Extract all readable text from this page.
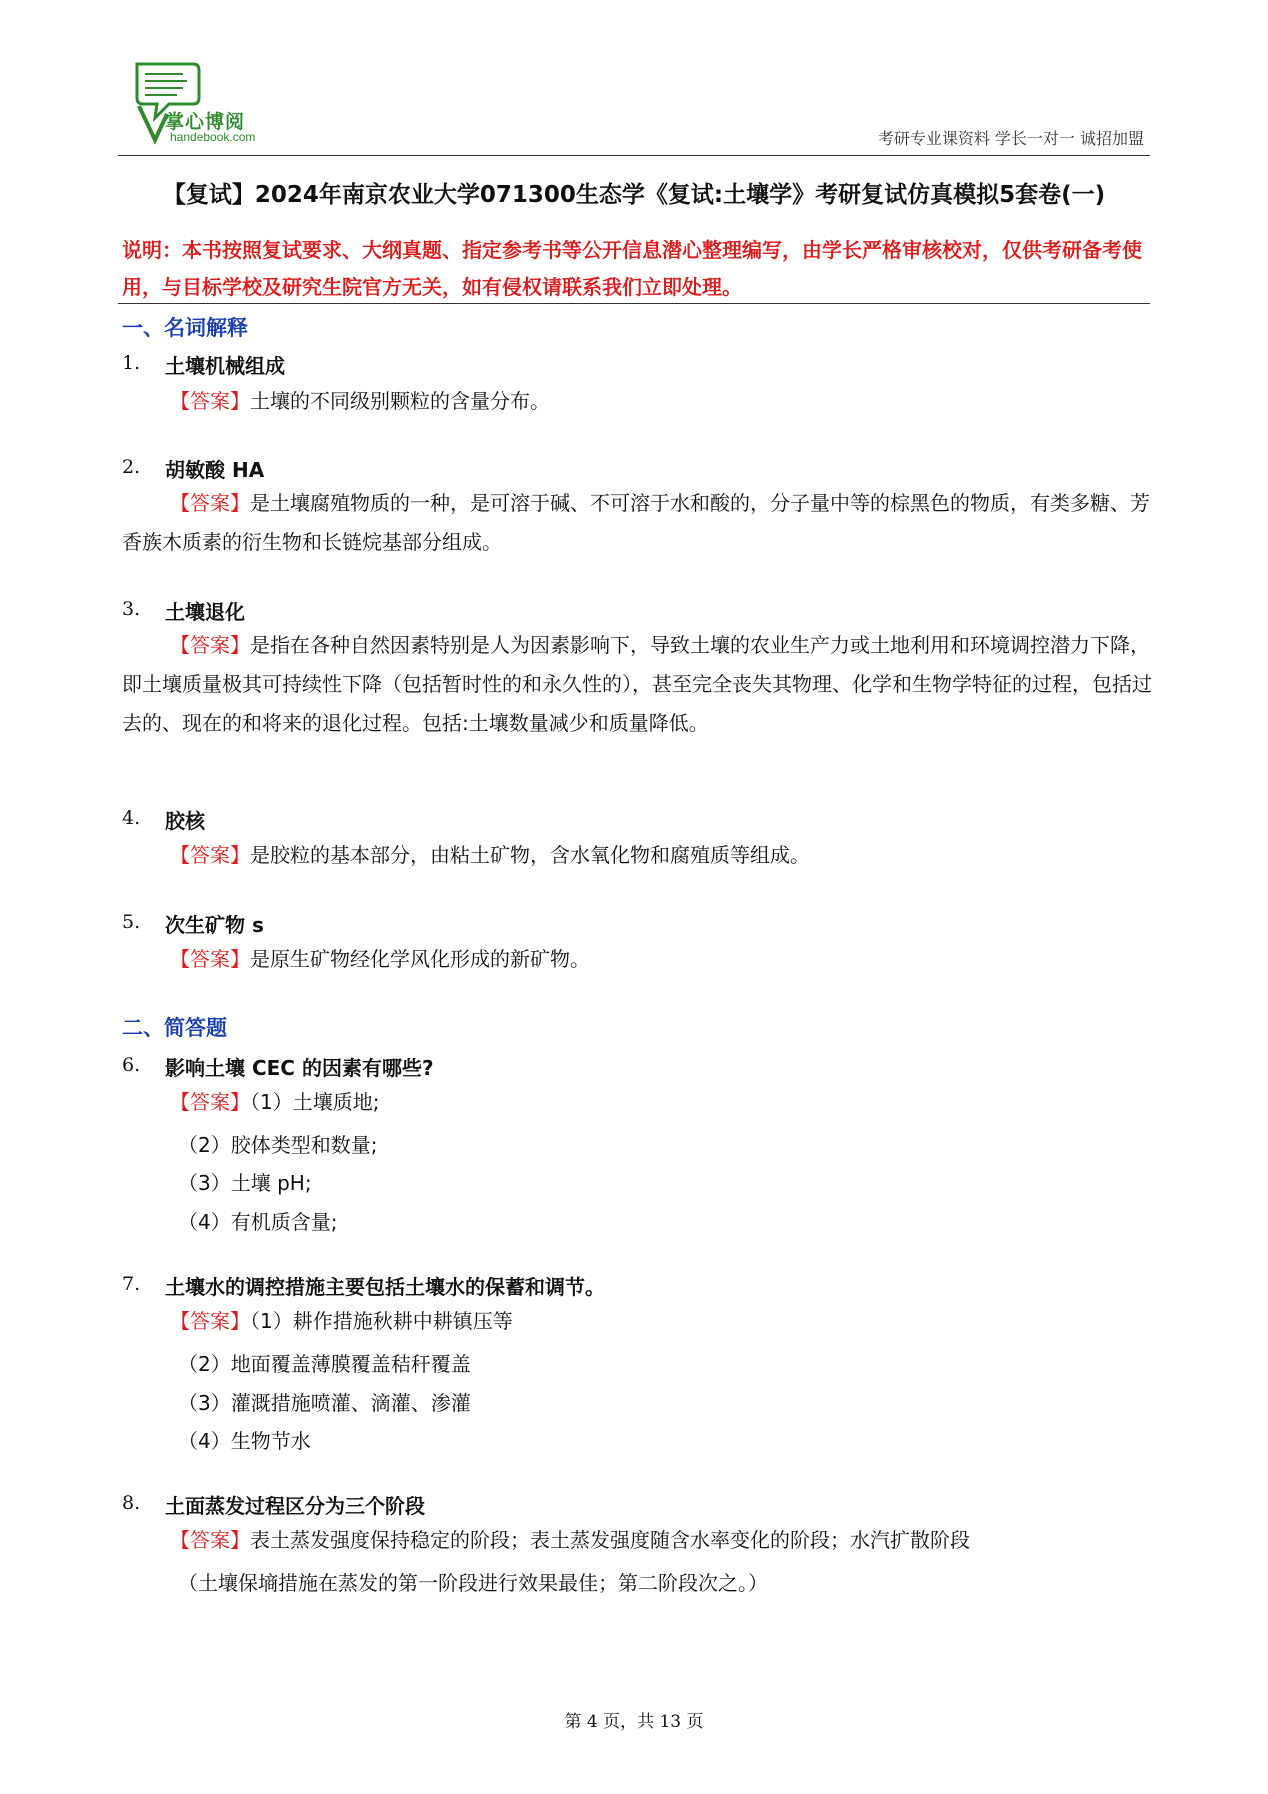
掌心博阅
handebook.com	考研专业课资料 学长一对一 诚招加盟
【复试】2024年南京农业大学071300生态学《复试:土壤学》考研复试仿真模拟5套卷(一)
说明：本书按照复试要求、大纲真题、指定参考书等公开信息潜心整理编写，由学长严格审核校对，仅供考研备考使用，与目标学校及研究生院官方无关，如有侵权请联系我们立即处理。
一、名词解释
1. 土壤机械组成
【答案】土壤的不同级别颗粒的含量分布。
2. 胡敏酸 HA
【答案】是土壤腐殖物质的一种，是可溶于碱、不可溶于水和酸的，分子量中等的棕黑色的物质，有类多糖、芳香族木质素的衍生物和长链烷基部分组成。
3. 土壤退化
【答案】是指在各种自然因素特别是人为因素影响下，导致土壤的农业生产力或土地利用和环境调控潜力下降，即土壤质量极其可持续性下降（包括暂时性的和永久性的），甚至完全丧失其物理、化学和生物学特征的过程，包括过去的、现在的和将来的退化过程。包括:土壤数量减少和质量降低。
4. 胶核
【答案】是胶粒的基本部分，由粘土矿物，含水氧化物和腐殖质等组成。
5. 次生矿物 s
【答案】是原生矿物经化学风化形成的新矿物。
二、简答题
6. 影响土壤 CEC 的因素有哪些?
【答案】（1）土壤质地;
（2）胶体类型和数量;
（3）土壤 pH;
（4）有机质含量;
7. 土壤水的调控措施主要包括土壤水的保蓄和调节。
【答案】（1）耕作措施秋耕中耕镇压等
（2）地面覆盖薄膜覆盖秸秆覆盖
（3）灌溉措施喷灌、滴灌、渗灌
（4）生物节水
8. 土面蒸发过程区分为三个阶段
【答案】表土蒸发强度保持稳定的阶段；表土蒸发强度随含水率变化的阶段；水汽扩散阶段
（土壤保墒措施在蒸发的第一阶段进行效果最佳；第二阶段次之。）
第 4 页，共 13 页
